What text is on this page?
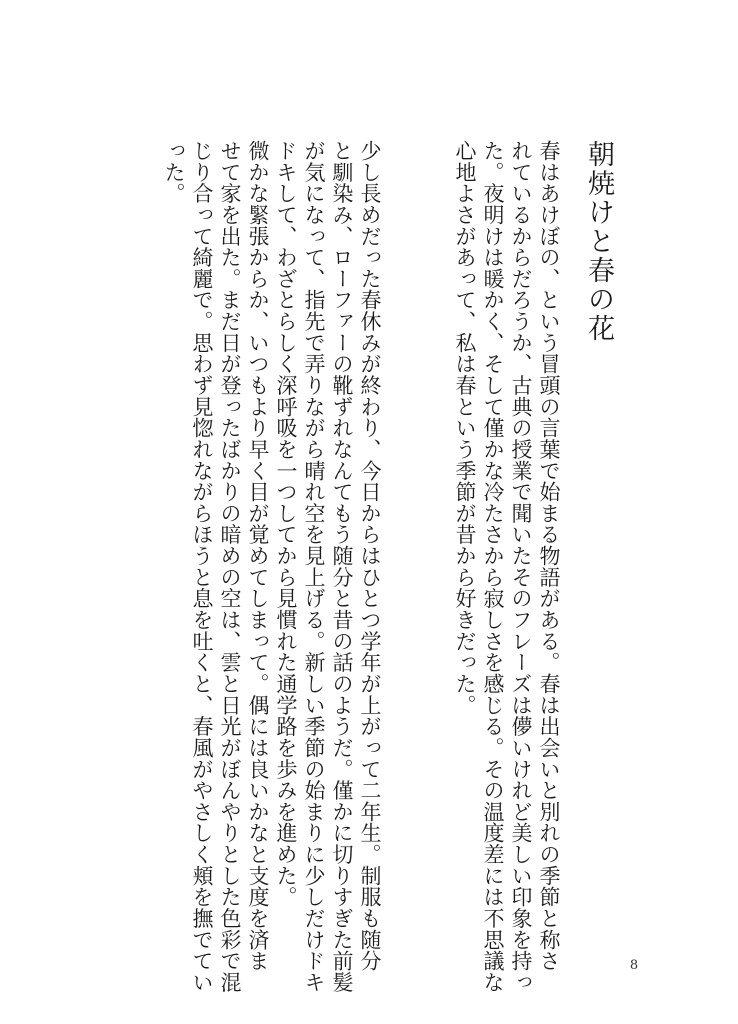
朝焼けと春の花
春はあけぼの、という冒頭の言葉で始まる物語がある。春は出会いと別れの季節と称さ
れているからだろうか、古典の授業で聞いたそのフレーズは儚いけれど美しい印象を持っ
た。夜明けは暖かく、そして僅かな冷たさから寂しさを感じる。その温度差には不思議な
心地よさがあって、私は春という季節が昔から好きだった。
少し長めだった春休みが終わり、今日からはひとつ学年が上がって二年生。制服も随分
と馴染み、ローファーの靴ずれなんてもう随分と昔の話のようだ。僅かに切りすぎた前髪
が気になって、指先で弄りながら晴れ空を見上げる。新しい季節の始まりに少しだけドキ
ドキして、わざとらしく深呼吸を一つしてから見慣れた通学路を歩みを進めた。
微かな緊張からか、いつもより早く目が覚めてしまって。偶には良いかなと支度を済ま
せて家を出た。まだ日が登ったばかりの暗めの空は、雲と日光がぼんやりとした色彩で混
じり合って綺麗で。思わず見惚れながらほうと息を吐くと、春風がやさしく頬を撫でてい
った。
8
